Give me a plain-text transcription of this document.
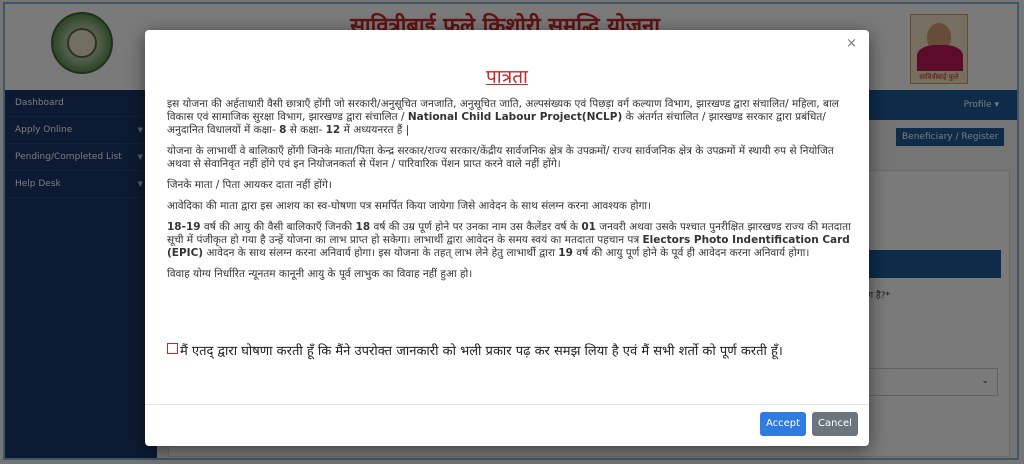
×
पात्रता

इस योजना की अर्हताधारी वैसी छात्राएँ होंगी जो सरकारी/अनुसूचित जनजाति, अनुसूचित जाति, अल्पसंख्यक एवं पिछड़ा वर्ग कल्याण विभाग, झारखण्ड द्वारा संचालित/ महिला, बाल विकास एवं सामाजिक सुरक्षा विभाग, झारखण्ड द्वारा संचालित / National Child Labour Project(NCLP) के अंतर्गत संचालित / झारखण्ड सरकार द्वारा प्रबंधित/ अनुदानित विधालयों में कक्षा- 8 से कक्षा- 12 में अध्ययनरत हैं |

योजना के लाभार्थी वे बालिकाएँ होंगी जिनके माता/पिता केन्द्र सरकार/राज्य सरकार/केंद्रीय सार्वजनिक क्षेत्र के उपक्रमों/ राज्य सार्वजनिक क्षेत्र के उपक्रमों में स्थायी रुप से नियोजित अथवा से सेवानिवृत नहीं होंगे एवं इन नियोजनकर्ता से पेंशन / पारिवारिक पेंशन प्राप्त करने वाले नहीं होंगे।

जिनके माता / पिता आयकर दाता नहीं होंगे।

आवेदिका की माता द्वारा इस आशय का स्व-घोषणा पत्र समर्पित किया जायेगा जिसे आवेदन के साथ संलग्न करना आवश्यक होगा।

18-19 वर्ष की आयु की वैसी बालिकाएँ जिनकी 18 वर्ष की उम्र पूर्ण होने पर उनका नाम उस कैलेंडर वर्ष के 01 जनवरी अथवा उसके पश्चात पुनरीक्षित झारखण्ड राज्य की मतदाता सूची में पंजीकृत हो गया है उन्हें योजना का लाभ प्राप्त हो सकेगा। लाभार्थी द्वारा आवेदन के समय स्वयं का मतदाता पहचान पत्र Electors Photo Indentification Card (EPIC) आवेदन के साथ संलग्न करना अनिवार्य होगा। इस योजना के तहत् लाभ लेने हेतु लाभार्थी द्वारा 19 वर्ष की आयु पूर्ण होने के पूर्व ही आवेदन करना अनिवार्य होगा।

विवाह योग्य निर्धारित न्यूनतम कानूनी आयु के पूर्व लाभुक का विवाह नहीं हुआ हो।

मैं एतद् द्वारा घोषणा करती हूँ कि मैंने उपरोक्त जानकारी को भली प्रकार पढ़ कर समझ लिया है एवं मैं सभी शर्तो को पूर्ण करती हूँ।
Accept	Cancel
